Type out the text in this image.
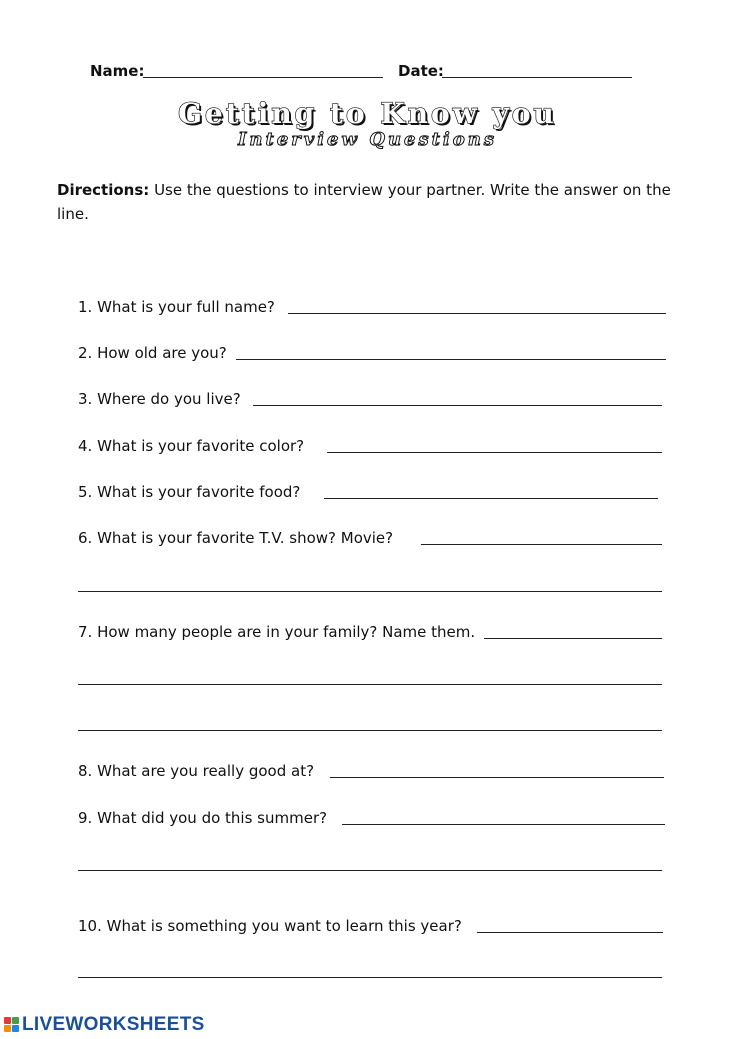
Name:	Date:
Getting to Know you
Interview Questions
Directions: Use the questions to interview your partner. Write the answer on the line.
1. What is your full name?
2. How old are you?
3. Where do you live?
4. What is your favorite color?
5. What is your favorite food?
6. What is your favorite T.V. show? Movie?
7. How many people are in your family? Name them.
8. What are you really good at?
9. What did you do this summer?
10. What is something you want to learn this year?
LIVEWORKSHEETS
